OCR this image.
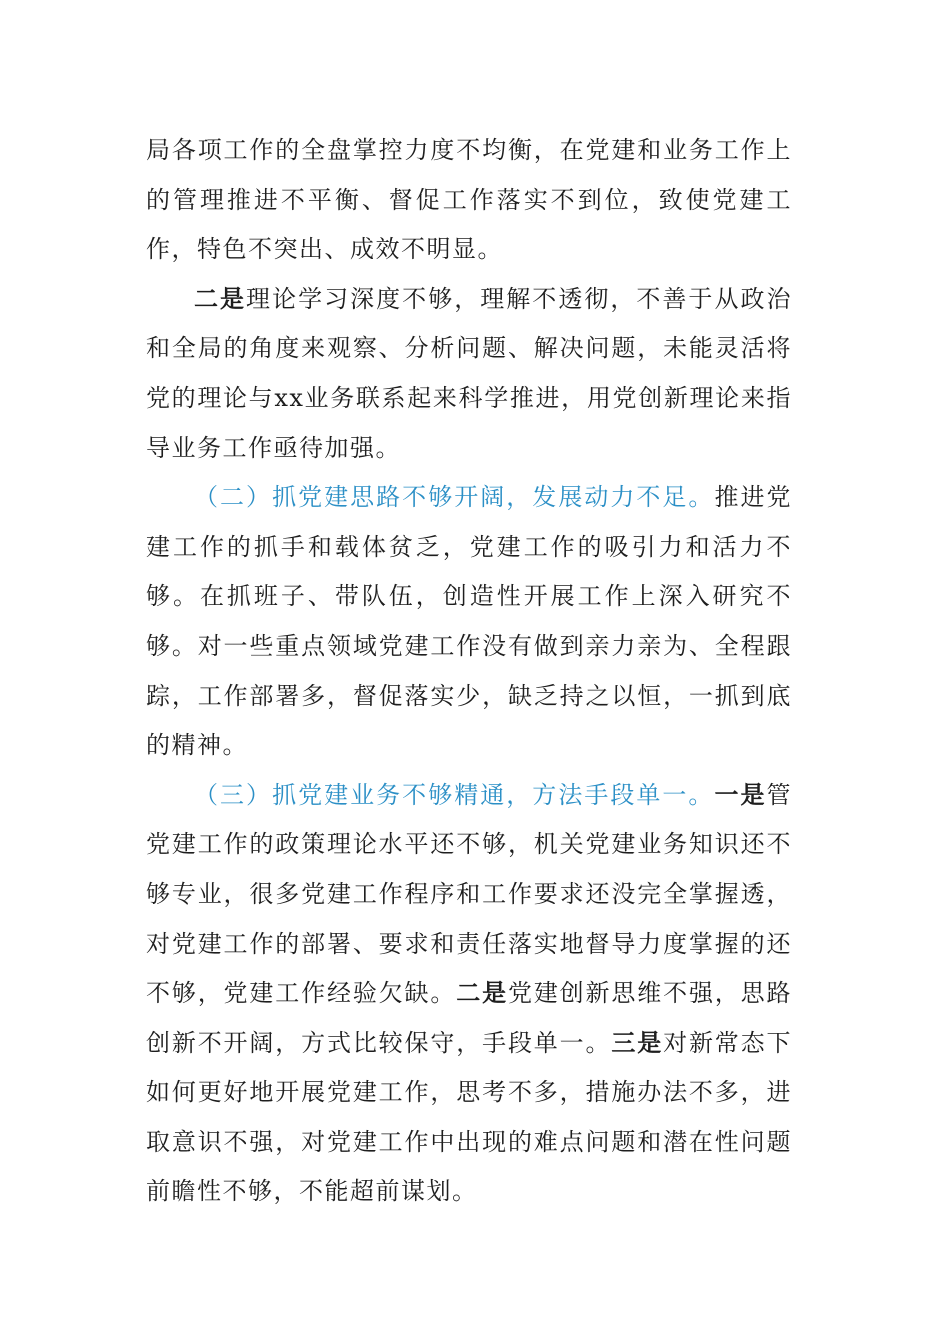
局各项工作的全盘掌控力度不均衡，在党建和业务工作上的管理推进不平衡、督促工作落实不到位，致使党建工作，特色不突出、成效不明显。

二是理论学习深度不够，理解不透彻，不善于从政治和全局的角度来观察、分析问题、解决问题，未能灵活将党的理论与xx业务联系起来科学推进，用党创新理论来指导业务工作亟待加强。

（二）抓党建思路不够开阔，发展动力不足。推进党建工作的抓手和载体贫乏，党建工作的吸引力和活力不够。在抓班子、带队伍，创造性开展工作上深入研究不够。对一些重点领域党建工作没有做到亲力亲为、全程跟踪，工作部署多，督促落实少，缺乏持之以恒，一抓到底的精神。

（三）抓党建业务不够精通，方法手段单一。一是管党建工作的政策理论水平还不够，机关党建业务知识还不够专业，很多党建工作程序和工作要求还没完全掌握透，对党建工作的部署、要求和责任落实地督导力度掌握的还不够，党建工作经验欠缺。二是党建创新思维不强，思路创新不开阔，方式比较保守，手段单一。三是对新常态下如何更好地开展党建工作，思考不多，措施办法不多，进取意识不强，对党建工作中出现的难点问题和潜在性问题前瞻性不够，不能超前谋划。
